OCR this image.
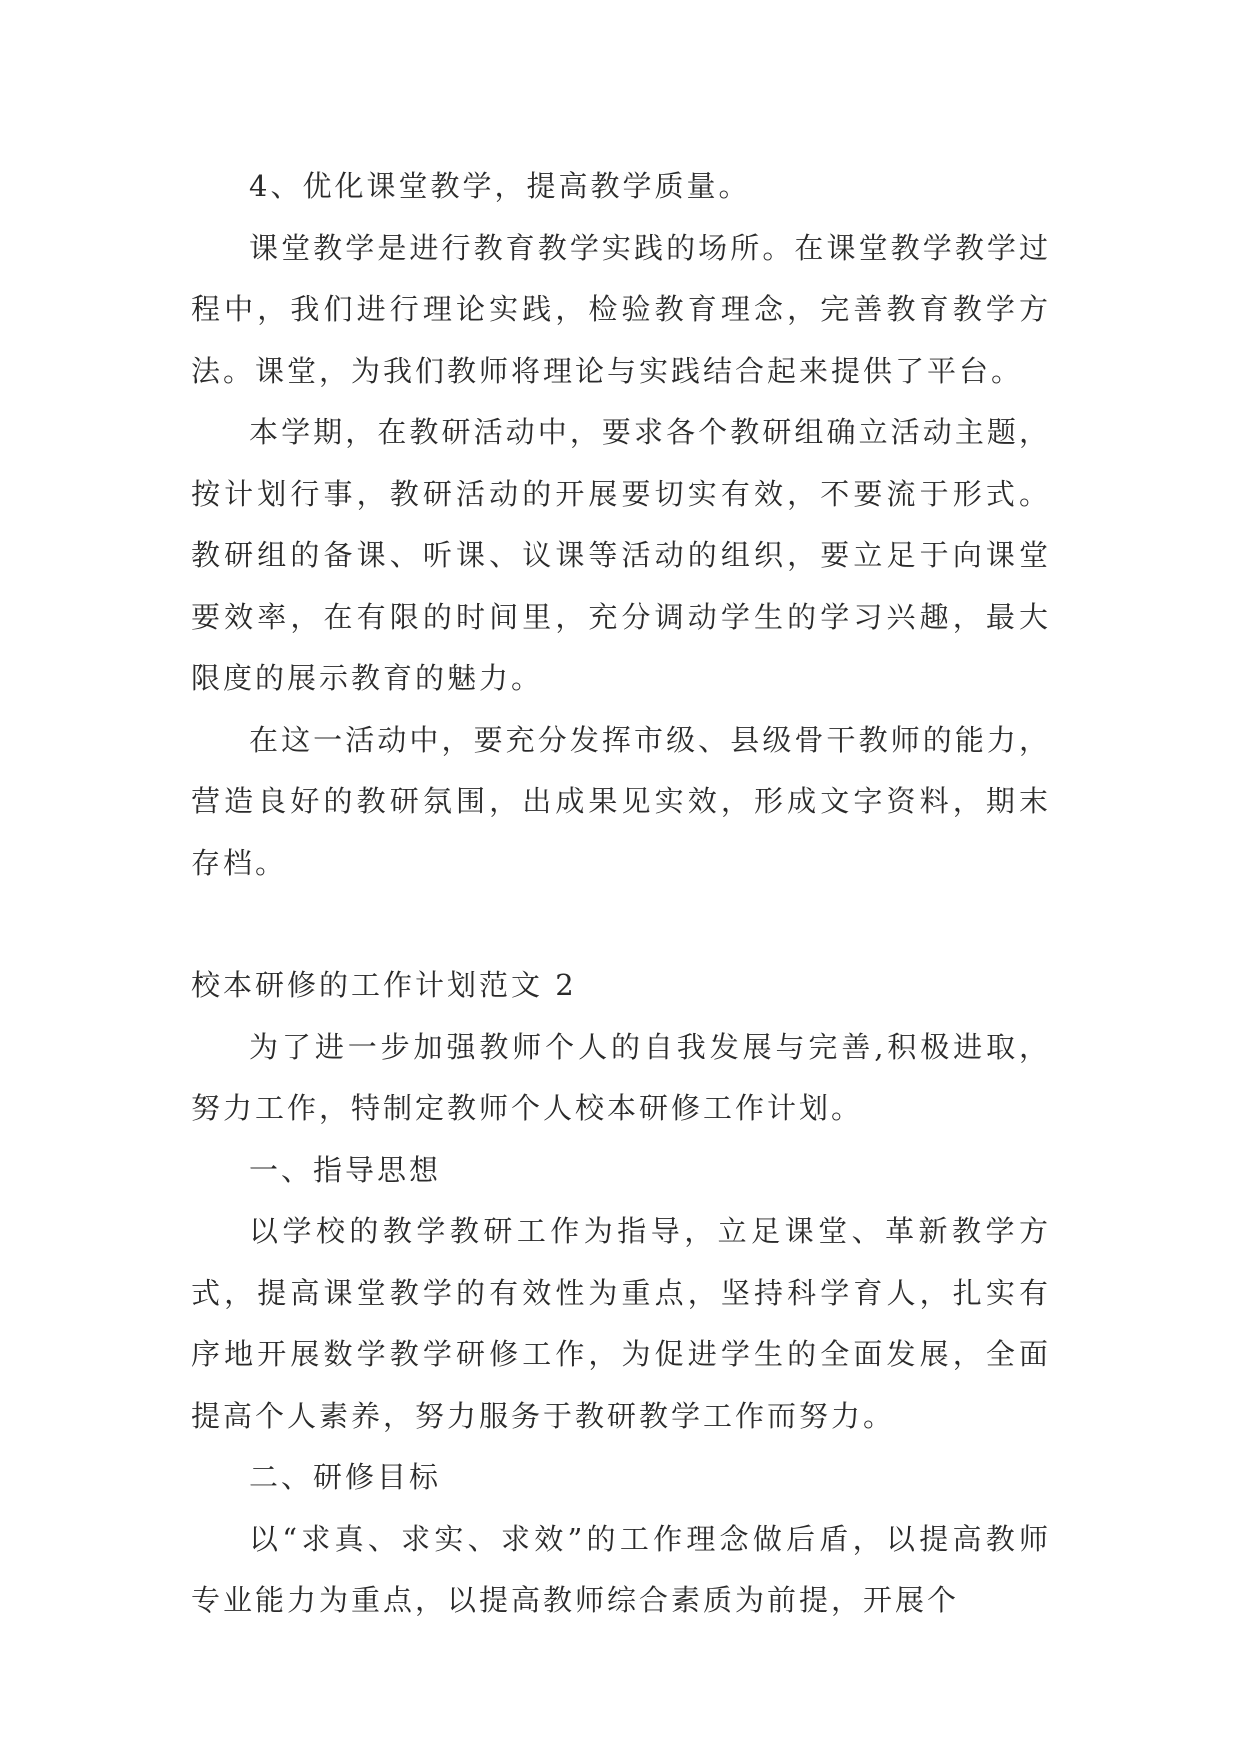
4、优化课堂教学，提高教学质量。

课堂教学是进行教育教学实践的场所。在课堂教学教学过程中，我们进行理论实践，检验教育理念，完善教育教学方法。课堂，为我们教师将理论与实践结合起来提供了平台。

本学期，在教研活动中，要求各个教研组确立活动主题，按计划行事，教研活动的开展要切实有效，不要流于形式。教研组的备课、听课、议课等活动的组织，要立足于向课堂要效率，在有限的时间里，充分调动学生的学习兴趣，最大限度的展示教育的魅力。

在这一活动中，要充分发挥市级、县级骨干教师的能力，营造良好的教研氛围，出成果见实效，形成文字资料，期末存档。

校本研修的工作计划范文 2

为了进一步加强教师个人的自我发展与完善,积极进取，努力工作，特制定教师个人校本研修工作计划。

一、指导思想

以学校的教学教研工作为指导，立足课堂、革新教学方式，提高课堂教学的有效性为重点，坚持科学育人，扎实有序地开展数学教学研修工作，为促进学生的全面发展，全面提高个人素养，努力服务于教研教学工作而努力。

二、研修目标

以“求真、求实、求效”的工作理念做后盾，以提高教师专业能力为重点，以提高教师综合素质为前提，开展个
